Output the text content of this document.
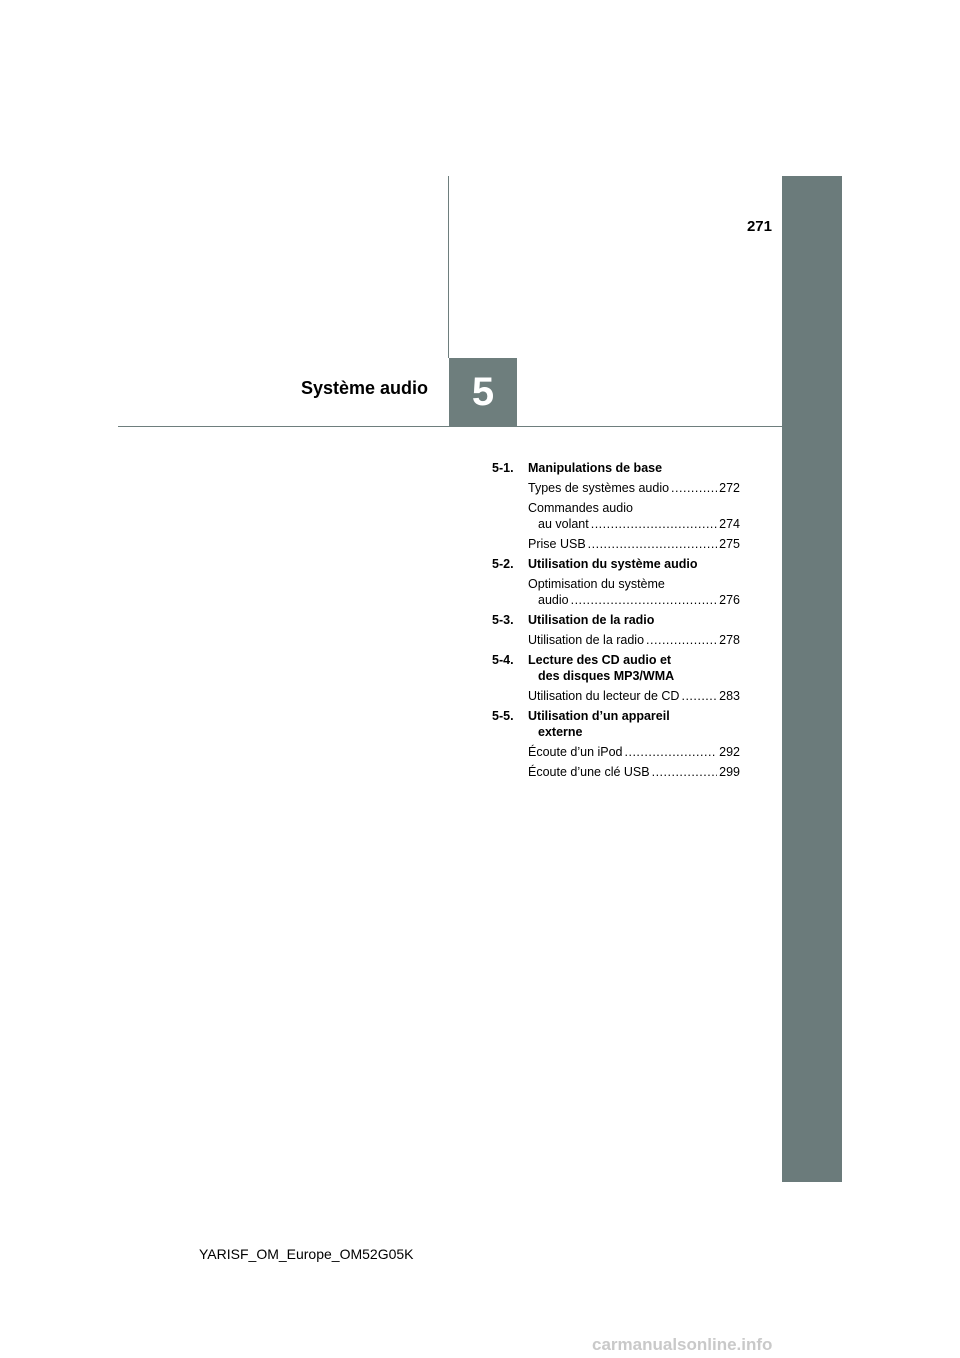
5
Système audio
271
5-1.	Manipulations de base
Types de systèmes audio .....	272
Commandes audio
au volant .....	274
Prise USB .....	275
5-2.	Utilisation du système audio
Optimisation du système
audio .....	276
5-3.	Utilisation de la radio
Utilisation de la radio .....	278
5-4.	Lecture des CD audio et
des disques MP3/WMA
Utilisation du lecteur de CD .....	283
5-5.	Utilisation d’un appareil
externe
Écoute d’un iPod .....	292
Écoute d’une clé USB .....	299
YARISF_OM_Europe_OM52G05K
carmanualsonline.info
